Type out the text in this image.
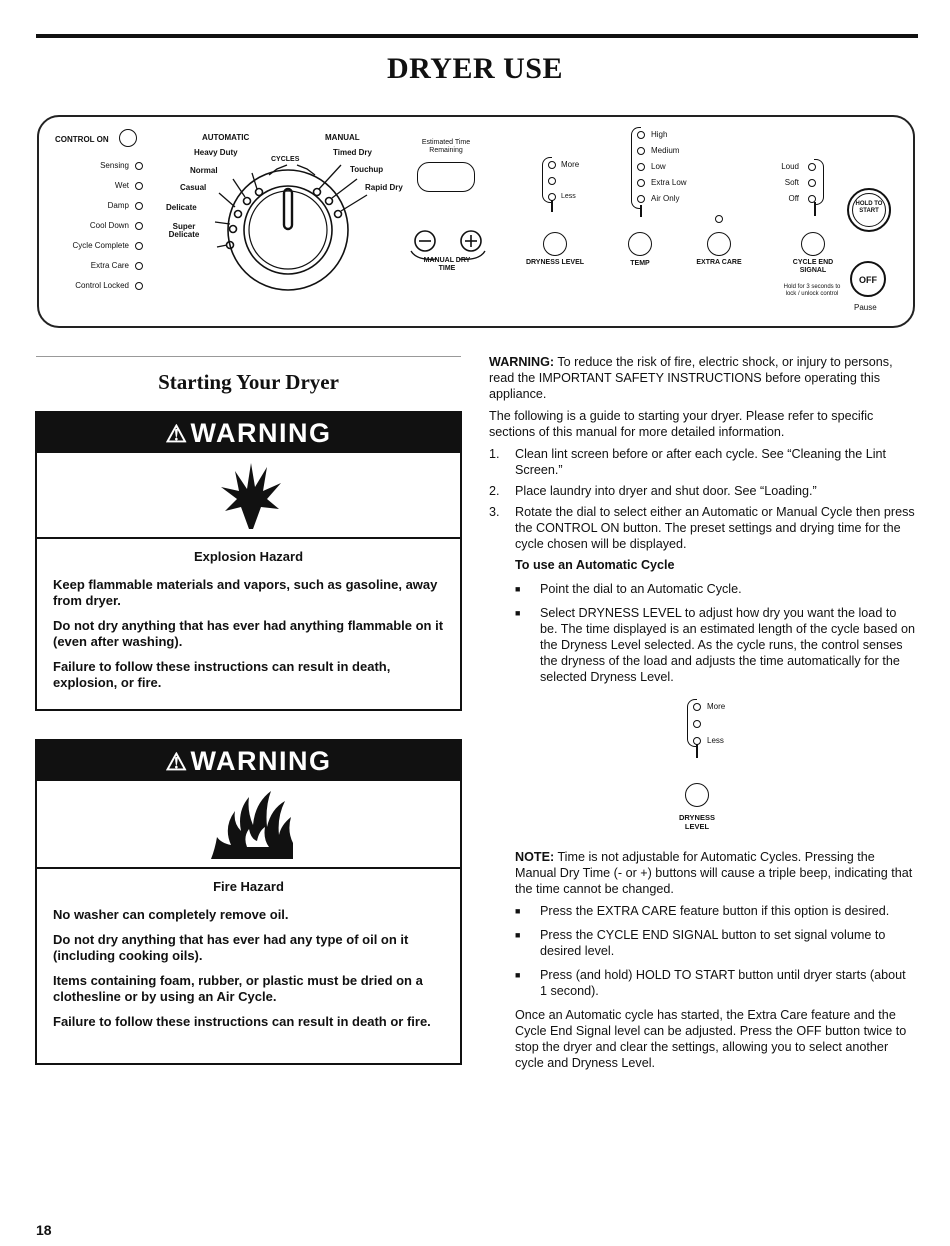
DRYER USE
CONTROL ON
Sensing
Wet
Damp
Cool Down
Cycle Complete
Extra Care
Control Locked
AUTOMATIC	MANUAL
CYCLES
Heavy Duty
Normal
Casual
Delicate
Super Delicate
Timed Dry
Touchup
Rapid Dry
Estimated Time Remaining
MANUAL DRY TIME
More
Less
DRYNESS LEVEL
High
Medium
Low
Extra Low
Air Only
TEMP	EXTRA CARE
Loud
Soft
Off
CYCLE END SIGNAL
Hold for 3 seconds to lock / unlock control
HOLD TO START
OFF
Pause
Starting Your Dryer
⚠WARNING
Explosion Hazard

Keep flammable materials and vapors, such as gasoline, away from dryer.

Do not dry anything that has ever had anything flammable on it (even after washing).

Failure to follow these instructions can result in death, explosion, or fire.

⚠WARNING
Fire Hazard

No washer can completely remove oil.

Do not dry anything that has ever had any type of oil on it (including cooking oils).

Items containing foam, rubber, or plastic must be dried on a clothesline or by using an Air Cycle.

Failure to follow these instructions can result in death or fire.

WARNING: To reduce the risk of fire, electric shock, or injury to persons, read the IMPORTANT SAFETY INSTRUCTIONS before operating this appliance.

The following is a guide to starting your dryer. Please refer to specific sections of this manual for more detailed information.

1.	Clean lint screen before or after each cycle. See “Cleaning the Lint Screen.”
2.	Place laundry into dryer and shut door. See “Loading.”
3.	Rotate the dial to select either an Automatic or Manual Cycle then press the CONTROL ON button. The preset settings and drying time for the cycle chosen will be displayed.
To use an Automatic Cycle
■	Point the dial to an Automatic Cycle.
■	Select DRYNESS LEVEL to adjust how dry you want the load to be. The time displayed is an estimated length of the cycle based on the Dryness Level selected. As the cycle runs, the control senses the dryness of the load and adjusts the time automatically for the selected Dryness Level.
More
Less
DRYNESS LEVEL

NOTE: Time is not adjustable for Automatic Cycles. Pressing the Manual Dry Time (- or +) buttons will cause a triple beep, indicating that the time cannot be changed.

■	Press the EXTRA CARE feature button if this option is desired.
■	Press the CYCLE END SIGNAL button to set signal volume to desired level.
■	Press (and hold) HOLD TO START button until dryer starts (about 1 second).

Once an Automatic cycle has started, the Extra Care feature and the Cycle End Signal level can be adjusted. Press the OFF button twice to stop the dryer and clear the settings, allowing you to select another cycle and Dryness Level.

18
